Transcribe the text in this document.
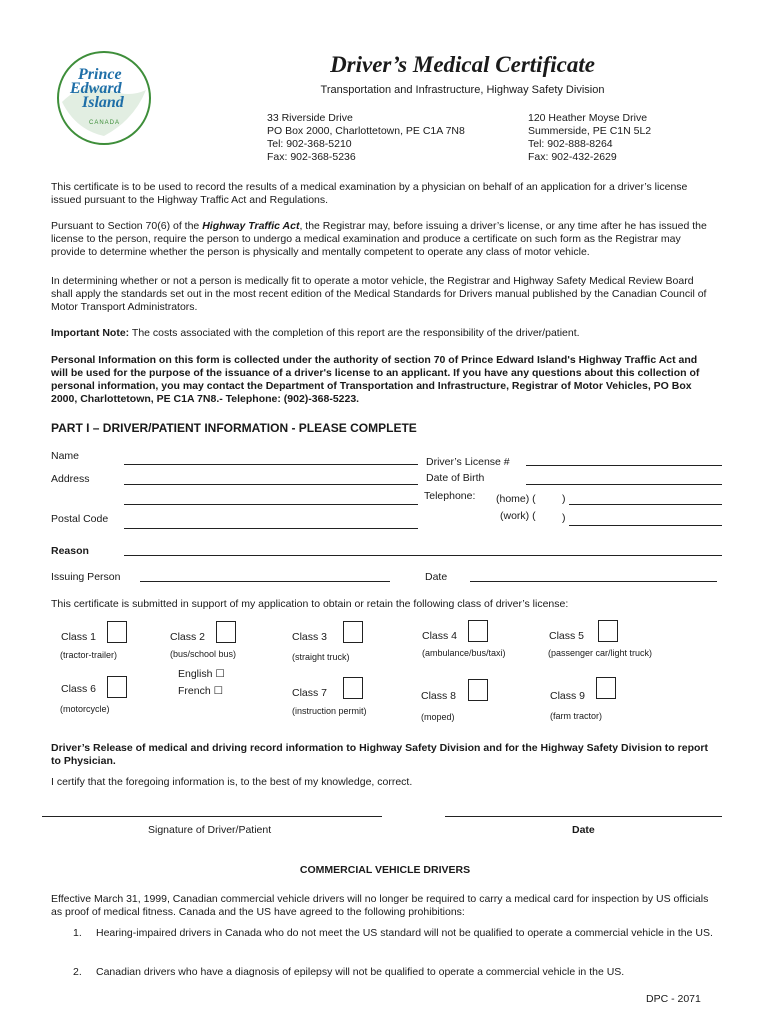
Prince
Edward
Island
CANADA
Driver’s Medical Certificate
Transportation and Infrastructure, Highway Safety Division
33 Riverside Drive
PO Box 2000, Charlottetown, PE C1A 7N8
Tel: 902-368-5210
Fax: 902-368-5236
120 Heather Moyse Drive
Summerside, PE C1N 5L2
Tel: 902-888-8264
Fax: 902-432-2629
This certificate is to be used to record the results of a medical examination by a physician on behalf of an application for a driver’s license issued pursuant to the Highway Traffic Act and Regulations.
Pursuant to Section 70(6) of the Highway Traffic Act, the Registrar may, before issuing a driver’s license, or any time after he has issued the license to the person, require the person to undergo a medical examination and produce a certificate on such form as the Registrar may provide to determine whether the person is physically and mentally competent to operate any class of motor vehicle.
In determining whether or not a person is medically fit to operate a motor vehicle, the Registrar and Highway Safety Medical Review Board shall apply the standards set out in the most recent edition of the Medical Standards for Drivers manual published by the Canadian Council of Motor Transport Administrators.
Important Note: The costs associated with the completion of this report are the responsibility of the driver/patient.
Personal Information on this form is collected under the authority of section 70 of Prince Edward Island's Highway Traffic Act and will be used for the purpose of the issuance of a driver's license to an applicant. If you have any questions about this collection of personal information, you may contact the Department of Transportation and Infrastructure, Registrar of Motor Vehicles, PO Box 2000, Charlottetown, PE C1A 7N8.- Telephone: (902)-368-5223.
PART I – DRIVER/PATIENT INFORMATION - PLEASE COMPLETE
Name
Address
Postal Code
Driver’s License #
Date of Birth
Telephone: (home) (	)
(work) (	)
Reason
Issuing Person	Date
This certificate is submitted in support of my application to obtain or retain the following class of driver’s license:
Class 1
(tractor-trailer)
Class 2
(bus/school bus)
Class 3
(straight truck)
Class 4
(ambulance/bus/taxi)
Class 5
(passenger car/light truck)
English ☐
French ☐
Class 6
(motorcycle)
Class 7
(instruction permit)
Class 8
(moped)
Class 9
(farm tractor)
Driver’s Release of medical and driving record information to Highway Safety Division and for the Highway Safety Division to report to Physician.
I certify that the foregoing information is, to the best of my knowledge, correct.
Signature of Driver/Patient	Date
COMMERCIAL VEHICLE DRIVERS
Effective March 31, 1999, Canadian commercial vehicle drivers will no longer be required to carry a medical card for inspection by US officials as proof of medical fitness. Canada and the US have agreed to the following prohibitions:
1. Hearing-impaired drivers in Canada who do not meet the US standard will not be qualified to operate a commercial vehicle in the US.
2. Canadian drivers who have a diagnosis of epilepsy will not be qualified to operate a commercial vehicle in the US.
DPC - 2071
